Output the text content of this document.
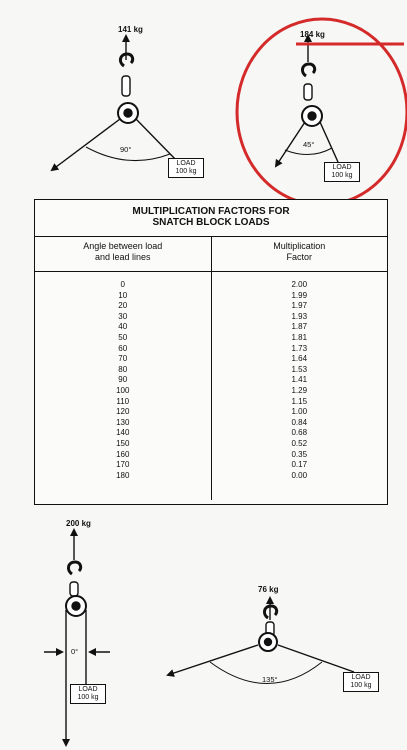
141 kg
90°
LOAD
100 kg
184 kg
45°
LOAD
100 kg
MULTIPLICATION FACTORS FOR
SNATCH BLOCK LOADS
Angle between load
and lead lines
Multiplication
Factor
0
10
20
30
40
50
60
70
80
90
100
110
120
130
140
150
160
170
180
2.00
1.99
1.97
1.93
1.87
1.81
1.73
1.64
1.53
1.41
1.29
1.15
1.00
0.84
0.68
0.52
0.35
0.17
0.00
200 kg
0°
LOAD
100 kg
76 kg
135°	LOAD
100 kg
